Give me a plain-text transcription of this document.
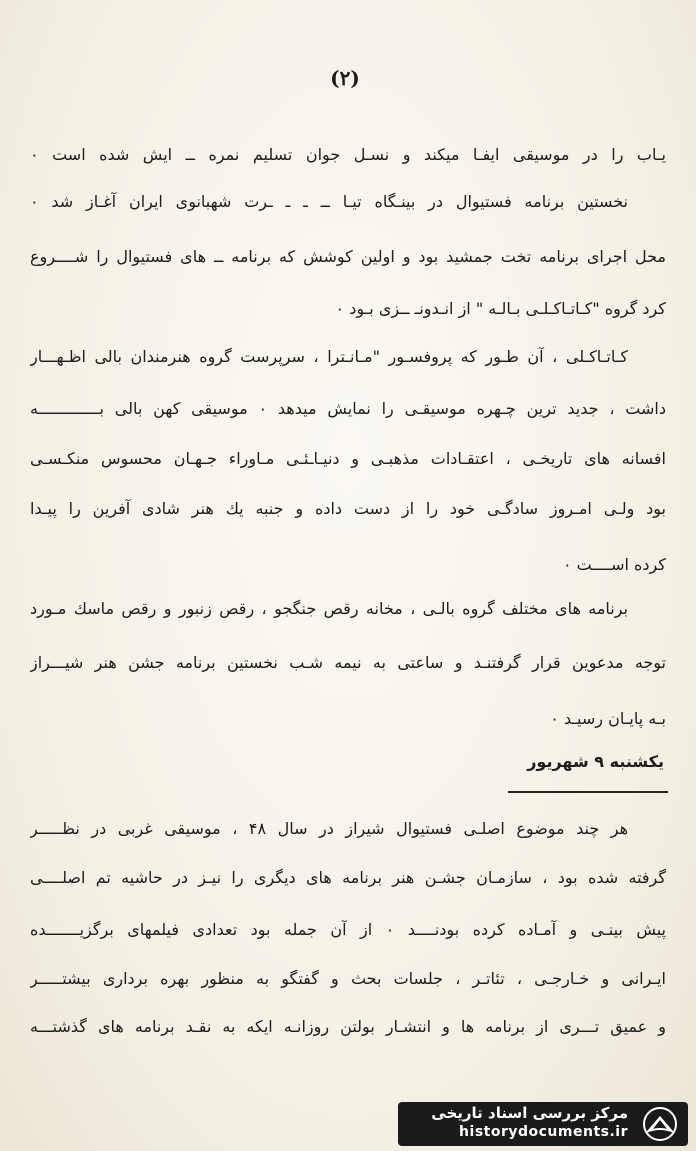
(۲)
یـاب را در موسیقی ایفـا میکند و نسـل جوان تسلیم نمره ــ ایش شده است ۰
نخستین برنامه فستیوال در بینـگاه تیـا ــ ـ ـ ـرت شهبانوی ایران آغـاز شد ۰
محل اجرای برنامه تخت جمشید بود و اولین کوشش که برنامه ــ های فستیوال را شــــروع
کرد گروه "کـاتـاکـلـی بـالـه " از انـدونـ ــزی بـود ۰
کـاتـاکـلی ، آن طـور که پروفسـور "مـانـترا ، سرپرست گروه هنرمندان بالی اظـهـــار
داشت ، جدید ترین چـهره موسیقـی را نمایش میدهد ۰ موسیقی کهن بالی بـــــــــــــه
افسانه های تاریخـی ، اعتقـادات مذهبـی و دنیـاـئـی مـاوراء جـهـان محسوس منکـسـی
بود ولـی امـروز سادگـی خود را از دست داده و جنبه یك هنر شادی آفرین را پیـدا
کرده اســــت ۰
برنامه های مختلف گروه بالـی ، مخانه رقص جنگجو ، رقص زنبور و رقص ماسك مـورد
توجه مدعوین قرار گرفتنـد و ساعتی به نیمه شـب نخستین برنامه جشن هنر شیـــراز
بـه پایـان رسیـد ۰
یکشنبه ۹ شهریور
هر چند موضوع اصلـی فستیوال شیراز در سال ۴۸ ، موسیقی غربی در نظـــــر
گرفته شده بود ، سازمـان جشـن هنر برنامه های دیگری را نیـز در حاشیه تم اصلــــی
پیش بینـی و آمـاده کرده بودنــــد ۰ از آن جمله بود تعدادی فیلمهای برگزیـــــــده
ایـرانی و خـارجـی ، تئاتـر ، جلسات بحث و گفتگو به منظور بهره برداری بیشتـــــر
و عمیق تـــری از برنامه ها و انتشـار بولتن روزانـه ایکه به نقـد برنامه های گذشتـــه
مرکز بررسی اسناد تاریخی
historydocuments.ir
